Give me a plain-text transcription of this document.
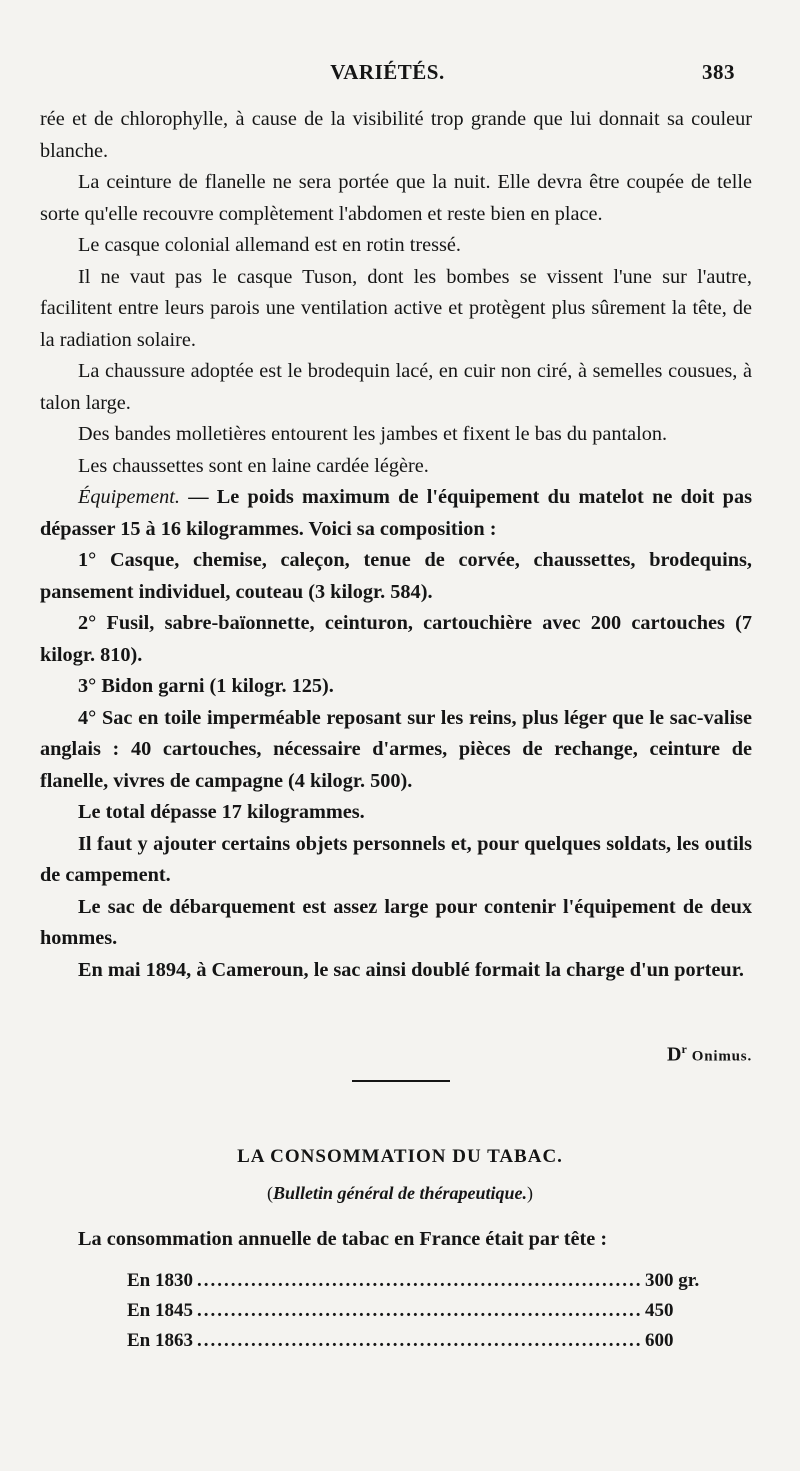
VARIÉTÉS.	383

rée et de chlorophylle, à cause de la visibilité trop grande que lui donnait sa couleur blanche.

La ceinture de flanelle ne sera portée que la nuit. Elle devra être coupée de telle sorte qu'elle recouvre complètement l'abdomen et reste bien en place.

Le casque colonial allemand est en rotin tressé.

Il ne vaut pas le casque Tuson, dont les bombes se vissent l'une sur l'autre, facilitent entre leurs parois une ventilation active et protègent plus sûrement la tête, de la radiation solaire.

La chaussure adoptée est le brodequin lacé, en cuir non ciré, à semelles cousues, à talon large.

Des bandes molletières entourent les jambes et fixent le bas du pantalon.

Les chaussettes sont en laine cardée légère.

Équipement. — Le poids maximum de l'équipement du matelot ne doit pas dépasser 15 à 16 kilogrammes. Voici sa composition :

1° Casque, chemise, caleçon, tenue de corvée, chaussettes, brodequins, pansement individuel, couteau (3 kilogr. 584).

2° Fusil, sabre-baïonnette, ceinturon, cartouchière avec 200 cartouches (7 kilogr. 810).

3° Bidon garni (1 kilogr. 125).

4° Sac en toile imperméable reposant sur les reins, plus léger que le sac-valise anglais : 40 cartouches, nécessaire d'armes, pièces de rechange, ceinture de flanelle, vivres de campagne (4 kilogr. 500).

Le total dépasse 17 kilogrammes.

Il faut y ajouter certains objets personnels et, pour quelques soldats, les outils de campement.

Le sac de débarquement est assez large pour contenir l'équipement de deux hommes.

En mai 1894, à Cameroun, le sac ainsi doublé formait la charge d'un porteur.

$D^r$ Onimus.
LA CONSOMMATION DU TABAC.
(Bulletin général de thérapeutique.)
La consommation annuelle de tabac en France était par tête :
En 1830 .....	300 gr.
En 1845 .....	450
En 1863 .....	600
